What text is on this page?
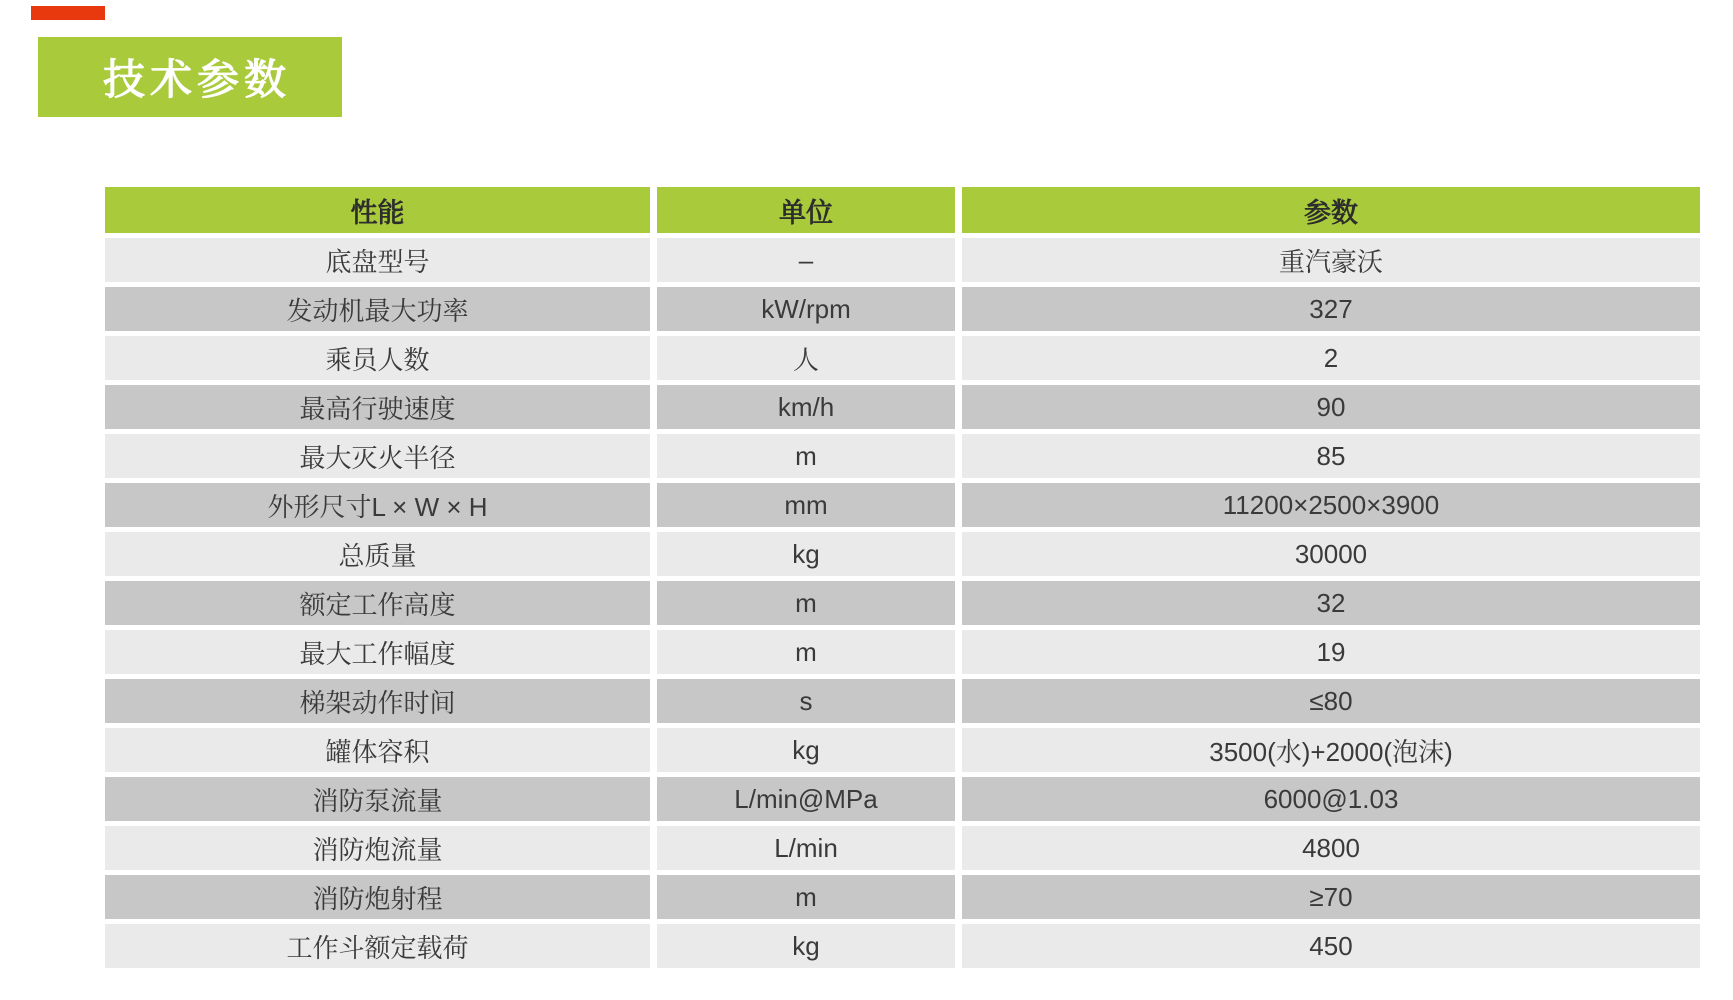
技术参数
性能	单位	参数
底盘型号	–	重汽豪沃
发动机最大功率	kW/rpm	327
乘员人数	人	2
最高行驶速度	km/h	90
最大灭火半径	m	85
外形尺寸L × W × H	mm	11200×2500×3900
总质量	kg	30000
额定工作高度	m	32
最大工作幅度	m	19
梯架动作时间	s	≤80
罐体容积	kg	3500(水)+2000(泡沫)
消防泵流量	L/min@MPa	6000@1.03
消防炮流量	L/min	4800
消防炮射程	m	≥70
工作斗额定载荷	kg	450
